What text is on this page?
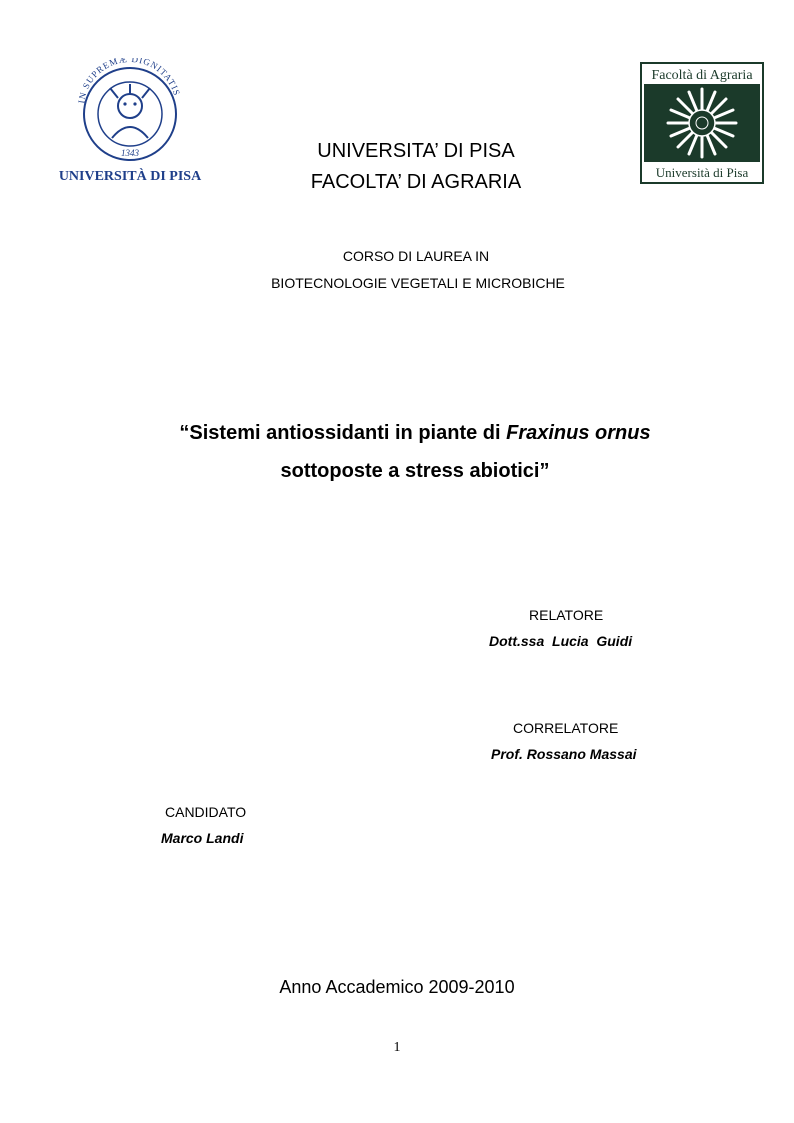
IN SUPREMÆ DIGNITATIS
1343
UNIVERSITÀ DI PISA
Facoltà di Agraria
Università di Pisa
UNIVERSITA’ DI PISA
FACOLTA’ DI AGRARIA
CORSO DI LAUREA IN
BIOTECNOLOGIE VEGETALI E MICROBICHE
“Sistemi antiossidanti in piante di Fraxinus ornus
sottoposte a stress abiotici”
RELATORE
Dott.ssa  Lucia  Guidi
CORRELATORE
Prof. Rossano Massai
CANDIDATO
Marco Landi
Anno Accademico 2009-2010
1
